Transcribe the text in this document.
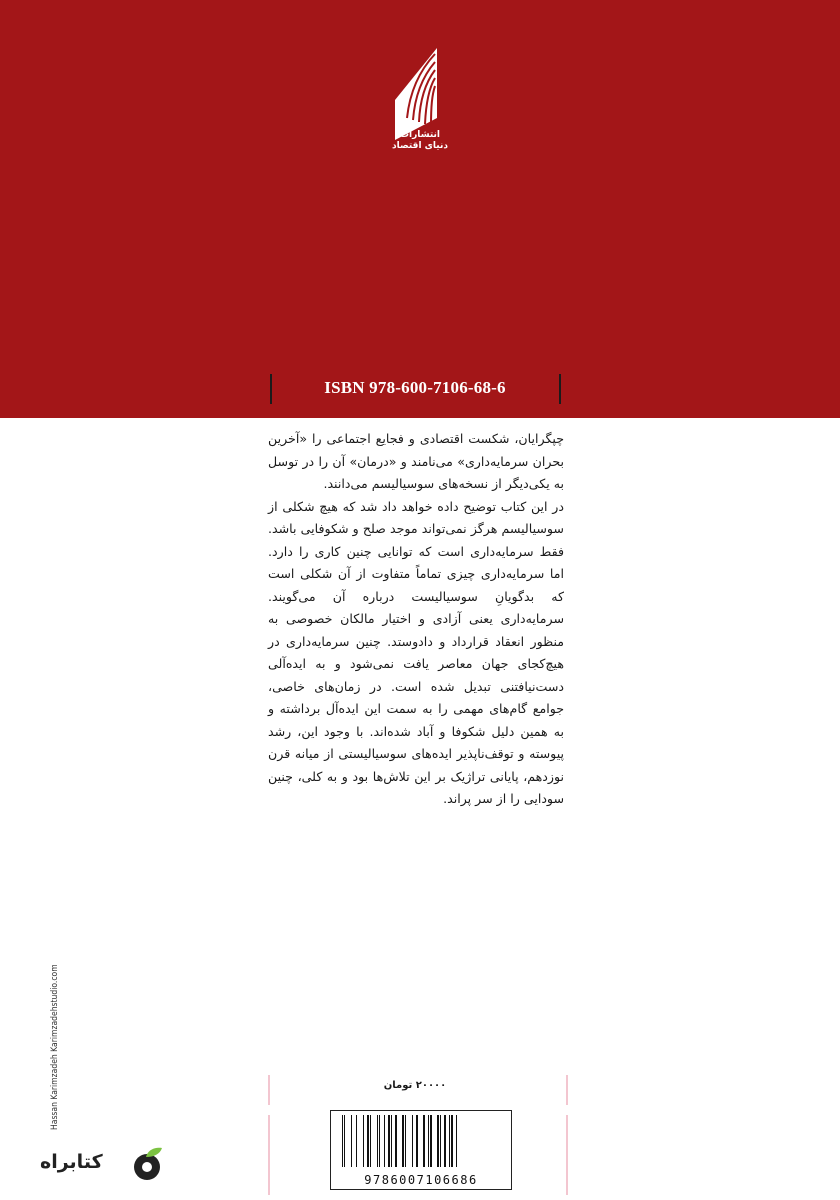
انتشارات
دنیای اقتصاد
ISBN 978-600-7106-68-6

چپگرایان، شکست اقتصادی و فجایع اجتماعی را «آخرین بحران سرمایه‌داری» می‌نامند و «درمان» آن را در توسل به یکی‌دیگر از نسخه‌های سوسیالیسم می‌دانند.

در این کتاب توضیح داده خواهد داد شد که هیچ شکلی از سوسیالیسم هرگز نمی‌تواند موجد صلح و شکوفایی باشد. فقط سرمایه‌داری است که توانایی چنین کاری را دارد. اما سرمایه‌داری چیزی تماماً متفاوت از آن شکلی است که بدگویانِ سوسیالیست درباره آن می‌گویند. سرمایه‌داری یعنی آزادی و اختیار مالکان خصوصی به منظور انعقاد قرارداد و دادوستد. چنین سرمایه‌داری در هیچ‌کجای جهان معاصر یافت نمی‌شود و به ایده‌آلی دست‌نیافتنی تبدیل شده است. در زمان‌های خاصی، جوامع گام‌های مهمی را به سمت این ایده‌آل برداشته و به همین دلیل شکوفا و آباد شده‌اند. با وجود این، رشد پیوسته و توقف‌ناپذیر ایده‌های سوسیالیستی از میانه قرن نوزدهم، پایانی تراژیک بر این تلاش‌ها بود و به کلی، چنین سودایی را از سر پراند.

Hassan Karimzadeh Karimzadehstudio.com	۲۰۰۰۰ تومان
9786007106686
کتابراه
